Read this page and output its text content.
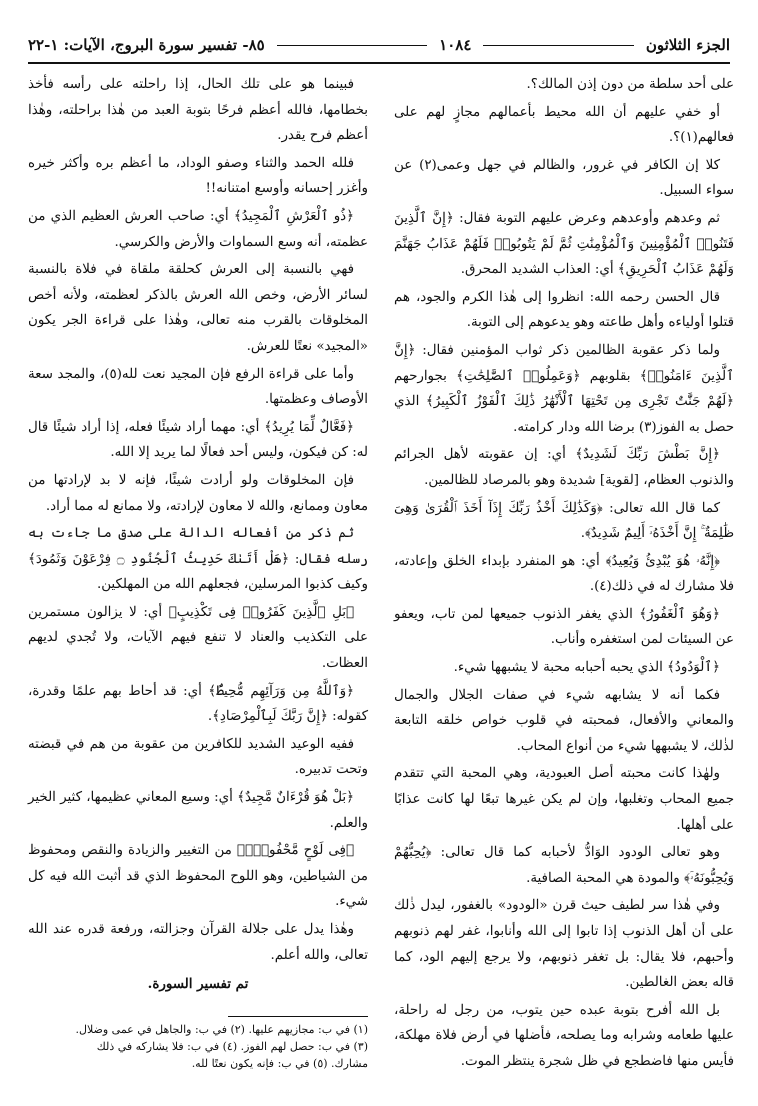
الجزء الثلاثون
١٠٨٤
٨٥- تفسير سورة البروج، الآيات: ١-٢٢

على أحد سلطة من دون إذن المالك؟.

أو خفي عليهم أن الله محيط بأعمالهم مجازٍ لهم على فعالهم(١)؟.

كلا إن الكافر في غرور، والظالم في جهل وعمى(٢) عن سواء السبيل.

ثم وعدهم وأوعدهم وعرض عليهم التوبة فقال: ﴿إِنَّ ٱلَّذِينَ فَتَنُوا۟ ٱلْمُؤْمِنِينَ وَٱلْمُؤْمِنَٰتِ ثُمَّ لَمْ يَتُوبُوا۟ فَلَهُمْ عَذَابُ جَهَنَّمَ وَلَهُمْ عَذَابُ ٱلْحَرِيقِ﴾ أي: العذاب الشديد المحرق.

قال الحسن رحمه الله: انظروا إلى هٰذا الكرم والجود، هم قتلوا أولياءه وأهل طاعته وهو يدعوهم إلى التوبة.

ولما ذكر عقوبة الظالمين ذكر ثواب المؤمنين فقال: ﴿إِنَّ ٱلَّذِينَ ءَامَنُوا۟﴾ بقلوبهم ﴿وَعَمِلُوا۟ ٱلصَّٰلِحَٰتِ﴾ بجوارحهم ﴿لَهُمْ جَنَّٰتٌ تَجْرِى مِن تَحْتِهَا ٱلْأَنْهَٰرُ ذَٰلِكَ ٱلْفَوْزُ ٱلْكَبِيرُ﴾ الذي حصل به الفوز(٣) برضا الله ودار كرامته.

﴿إِنَّ بَطْشَ رَبِّكَ لَشَدِيدٌ﴾ أي: إن عقوبته لأهل الجرائم والذنوب العظام، [لقوية] شديدة وهو بالمرصاد للظالمين.

كما قال الله تعالى: ﴿وَكَذَٰلِكَ أَخْذُ رَبِّكَ إِذَآ أَخَذَ ٱلْقُرَىٰ وَهِىَ ظَٰلِمَةٌ ۚ إِنَّ أَخْذَهُۥٓ أَلِيمٌ شَدِيدٌ﴾.

﴿إِنَّهُۥ هُوَ يُبْدِئُ وَيُعِيدُ﴾ أي: هو المنفرد بإبداء الخلق وإعادته، فلا مشارك له في ذلك(٤).

﴿وَهُوَ ٱلْغَفُورُ﴾ الذي يغفر الذنوب جميعها لمن تاب، ويعفو عن السيئات لمن استغفره وأناب.

﴿ٱلْوَدُودُ﴾ الذي يحبه أحبابه محبة لا يشبهها شيء.

فكما أنه لا يشابهه شيء في صفات الجلال والجمال والمعاني والأفعال، فمحبته في قلوب خواص خلقه التابعة لذٰلك، لا يشبهها شيء من أنواع المحاب.

ولهٰذا كانت محبته أصل العبودية، وهي المحبة التي تتقدم جميع المحاب وتغلبها، وإن لم يكن غيرها تبعًا لها كانت عذابًا على أهلها.

وهو تعالى الودود الوَادُّ لأحبابه كما قال تعالى: ﴿يُحِبُّهُمْ وَيُحِبُّونَهُۥٓ﴾ والمودة هي المحبة الصافية.

وفي هٰذا سر لطيف حيث قرن «الودود» بالغفور، ليدل ذٰلك على أن أهل الذنوب إذا تابوا إلى الله وأنابوا، غفر لهم ذنوبهم وأحبهم، فلا يقال: بل تغفر ذنوبهم، ولا يرجع إليهم الود، كما قاله بعض الغالطين.

بل الله أفرح بتوبة عبده حين يتوب، من رجل له راحلة، عليها طعامه وشرابه وما يصلحه، فأضلها في أرض فلاة مهلكة، فأيس منها فاضطجع في ظل شجرة ينتظر الموت.

فبينما هو على تلك الحال، إذا راحلته على رأسه فأخذ بخطامها، فالله أعظم فرحًا بتوبة العبد من هٰذا براحلته، وهٰذا أعظم فرح يقدر.

فلله الحمد والثناء وصفو الوداد، ما أعظم بره وأكثر خيره وأغزر إحسانه وأوسع امتنانه!!

﴿ذُو ٱلْعَرْشِ ٱلْمَجِيدُ﴾ أي: صاحب العرش العظيم الذي من عظمته، أنه وسع السماوات والأرض والكرسي.

فهي بالنسبة إلى العرش كحلقة ملقاة في فلاة بالنسبة لسائر الأرض، وخص الله العرش بالذكر لعظمته، ولأنه أخص المخلوقات بالقرب منه تعالى، وهٰذا على قراءة الجر يكون «المجيد» نعتًا للعرش.

وأما على قراءة الرفع فإن المجيد نعت لله(٥)، والمجد سعة الأوصاف وعظمتها.

﴿فَعَّالٌ لِّمَا يُرِيدُ﴾ أي: مهما أراد شيئًا فعله، إذا أراد شيئًا قال له: كن فيكون، وليس أحد فعالًا لما يريد إلا الله.

فإن المخلوقات ولو أرادت شيئًا، فإنه لا بد لإرادتها من معاون وممانع، والله لا معاون لإرادته، ولا ممانع له مما أراد.

ثم ذكر من أفعاله الدالة على صدق ما جاءت به رسله فقال: ﴿هَلْ أَتَىٰكَ حَدِيثُ ٱلْجُنُودِ ۝ فِرْعَوْنَ وَثَمُودَ﴾ وكيف كذبوا المرسلين، فجعلهم الله من المهلكين.

﴿بَلِ ٱلَّذِينَ كَفَرُوا۟ فِى تَكْذِيبٍ﴾ أي: لا يزالون مستمرين على التكذيب والعناد لا تنفع فيهم الآيات، ولا تُجدي لديهم العظات.

﴿وَٱللَّهُ مِن وَرَآئِهِم مُّحِيطٌۢ﴾ أي: قد أحاط بهم علمًا وقدرة، كقوله: ﴿إِنَّ رَبَّكَ لَبِٱلْمِرْصَادِ﴾.

ففيه الوعيد الشديد للكافرين من عقوبة من هم في قبضته وتحت تدبيره.

﴿بَلْ هُوَ قُرْءَانٌ مَّجِيدٌ﴾ أي: وسيع المعاني عظيمها، كثير الخير والعلم.

﴿فِى لَوْحٍ مَّحْفُوظٍۭ﴾ من التغيير والزيادة والنقص ومحفوظ من الشياطين، وهو اللوح المحفوظ الذي قد أثبت الله فيه كل شيء.

وهٰذا يدل على جلالة القرآن وجزالته، ورفعة قدره عند الله تعالى، والله أعلم.

تم تفسير السورة.

(١) في ب: مجازيهم عليها. (٢) في ب: والجاهل في عمى وضلال.
(٣) في ب: حصل لهم الفوز. (٤) في ب: فلا يشاركه في ذلك
مشارك. (٥) في ب: فإنه يكون نعتًا لله.
